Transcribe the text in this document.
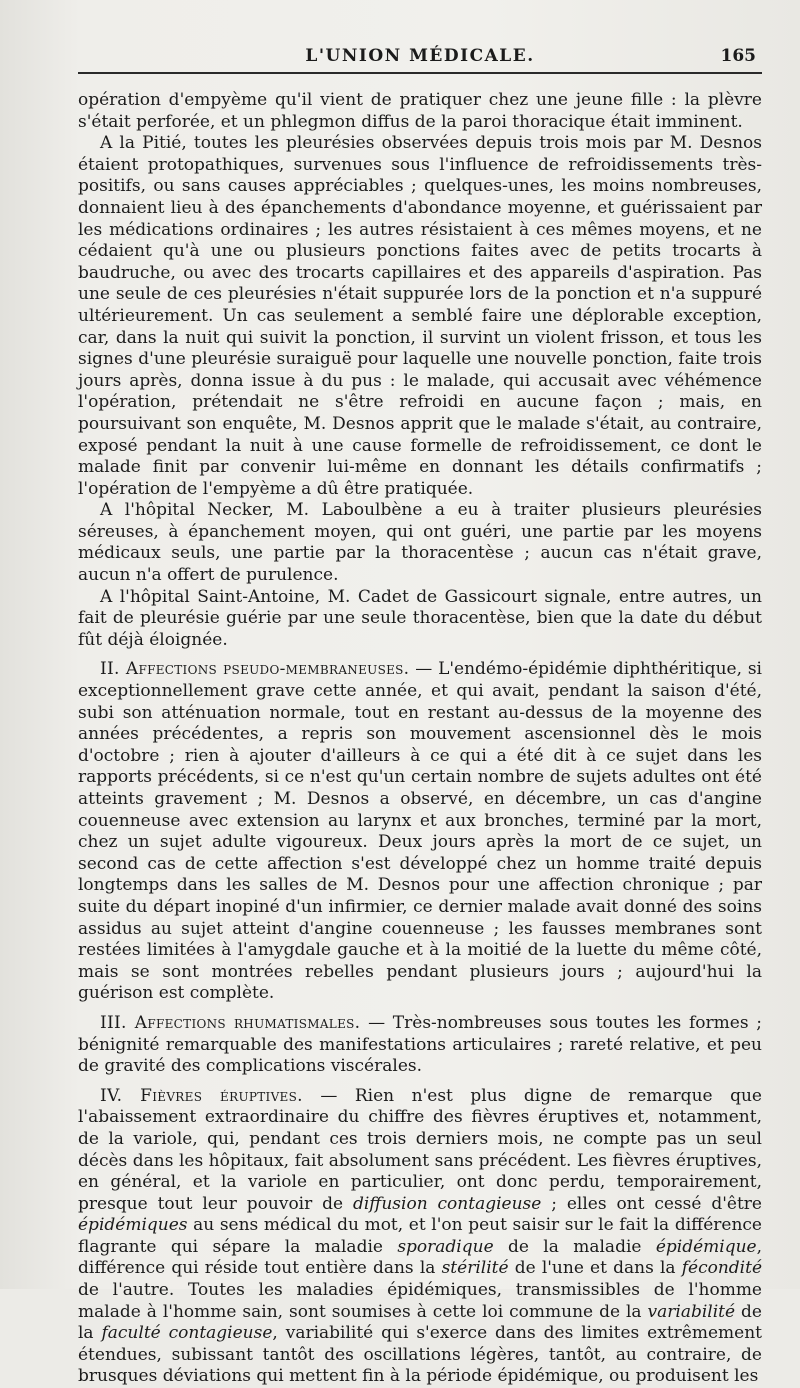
L'UNION MÉDICALE.	165

opération d'empyème qu'il vient de pratiquer chez une jeune fille : la plèvre s'était perforée, et un phlegmon diffus de la paroi thoracique était imminent.

A la Pitié, toutes les pleurésies observées depuis trois mois par M. Desnos étaient protopathiques, survenues sous l'influence de refroidissements très-positifs, ou sans causes appréciables ; quelques-unes, les moins nombreuses, donnaient lieu à des épanchements d'abondance moyenne, et guérissaient par les médications ordinaires ; les autres résistaient à ces mêmes moyens, et ne cédaient qu'à une ou plusieurs ponctions faites avec de petits trocarts à baudruche, ou avec des trocarts capillaires et des appareils d'aspiration. Pas une seule de ces pleurésies n'était suppurée lors de la ponction et n'a suppuré ultérieurement. Un cas seulement a semblé faire une déplorable exception, car, dans la nuit qui suivit la ponction, il survint un violent frisson, et tous les signes d'une pleurésie suraiguë pour laquelle une nouvelle ponction, faite trois jours après, donna issue à du pus : le malade, qui accusait avec véhémence l'opération, prétendait ne s'être refroidi en aucune façon ; mais, en poursuivant son enquête, M. Desnos apprit que le malade s'était, au contraire, exposé pendant la nuit à une cause formelle de refroidissement, ce dont le malade finit par convenir lui-même en donnant les détails confirmatifs ; l'opération de l'empyème a dû être pratiquée.

A l'hôpital Necker, M. Laboulbène a eu à traiter plusieurs pleurésies séreuses, à épanchement moyen, qui ont guéri, une partie par les moyens médicaux seuls, une partie par la thoracentèse ; aucun cas n'était grave, aucun n'a offert de purulence.

A l'hôpital Saint-Antoine, M. Cadet de Gassicourt signale, entre autres, un fait de pleurésie guérie par une seule thoracentèse, bien que la date du début fût déjà éloignée.

II. Affections pseudo-membraneuses. — L'endémo-épidémie diphthéritique, si exceptionnellement grave cette année, et qui avait, pendant la saison d'été, subi son atténuation normale, tout en restant au-dessus de la moyenne des années précédentes, a repris son mouvement ascensionnel dès le mois d'octobre ; rien à ajouter d'ailleurs à ce qui a été dit à ce sujet dans les rapports précédents, si ce n'est qu'un certain nombre de sujets adultes ont été atteints gravement ; M. Desnos a observé, en décembre, un cas d'angine couenneuse avec extension au larynx et aux bronches, terminé par la mort, chez un sujet adulte vigoureux. Deux jours après la mort de ce sujet, un second cas de cette affection s'est développé chez un homme traité depuis longtemps dans les salles de M. Desnos pour une affection chronique ; par suite du départ inopiné d'un infirmier, ce dernier malade avait donné des soins assidus au sujet atteint d'angine couenneuse ; les fausses membranes sont restées limitées à l'amygdale gauche et à la moitié de la luette du même côté, mais se sont montrées rebelles pendant plusieurs jours ; aujourd'hui la guérison est complète.

III. Affections rhumatismales. — Très-nombreuses sous toutes les formes ; bénignité remarquable des manifestations articulaires ; rareté relative, et peu de gravité des complications viscérales.

IV. Fièvres éruptives. — Rien n'est plus digne de remarque que l'abaissement extraordinaire du chiffre des fièvres éruptives et, notamment, de la variole, qui, pendant ces trois derniers mois, ne compte pas un seul décès dans les hôpitaux, fait absolument sans précédent. Les fièvres éruptives, en général, et la variole en particulier, ont donc perdu, temporairement, presque tout leur pouvoir de diffusion contagieuse ; elles ont cessé d'être épidémiques au sens médical du mot, et l'on peut saisir sur le fait la différence flagrante qui sépare la maladie sporadique de la maladie épidémique, différence qui réside tout entière dans la stérilité de l'une et dans la fécondité de l'autre. Toutes les maladies épidémiques, transmissibles de l'homme malade à l'homme sain, sont soumises à cette loi commune de la variabilité de la faculté contagieuse, variabilité qui s'exerce dans des limites extrêmement étendues, subissant tantôt des oscillations légères, tantôt, au contraire, de brusques déviations qui mettent fin à la période épidémique, ou produisent les
